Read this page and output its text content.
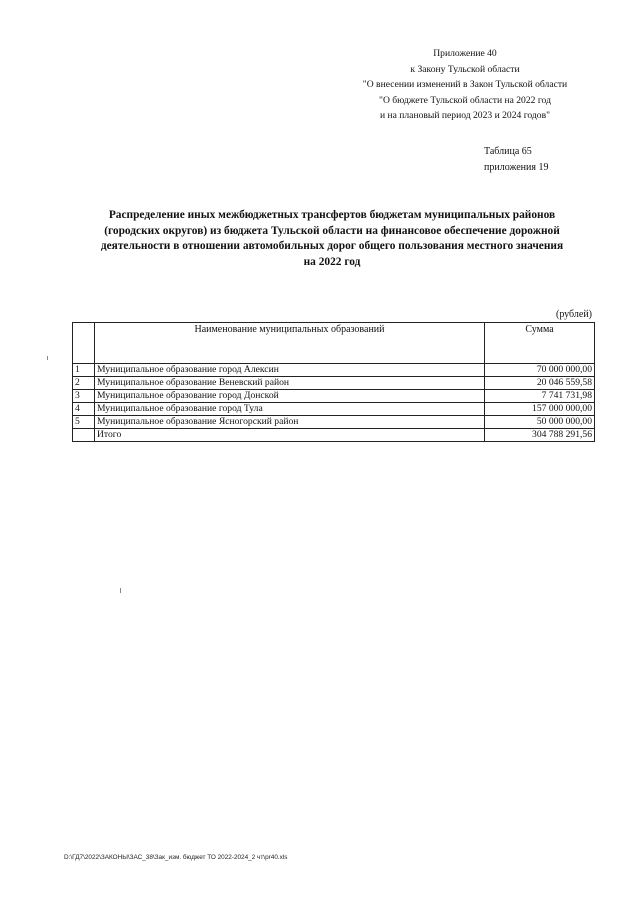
Приложение 40
к Закону Тульской области
"О внесении изменений в Закон Тульской области
"О бюджете Тульской области на 2022 год
и на плановый период 2023 и 2024 годов"
Таблица 65
приложения 19
Распределение иных межбюджетных трансфертов бюджетам муниципальных районов
(городских округов) из бюджета Тульской области на финансовое обеспечение дорожной
деятельности в отношении автомобильных дорог общего пользования местного значения
на 2022 год
(рублей)
	Наименование муниципальных образований	Сумма
1	Муниципальное образование город Алексин	70 000 000,00
2	Муниципальное образование Веневский район	20 046 559,58
3	Муниципальное образование город Донской	7 741 731,98
4	Муниципальное образование город Тула	157 000 000,00
5	Муниципальное образование Ясногорский район	50 000 000,00
	Итого	304 788 291,56
D:\ГД7\2022\ЗАКОНЫ\ЗАС_38\Зак_изм. бюджет ТО 2022-2024_2 чт\pr40.xls
